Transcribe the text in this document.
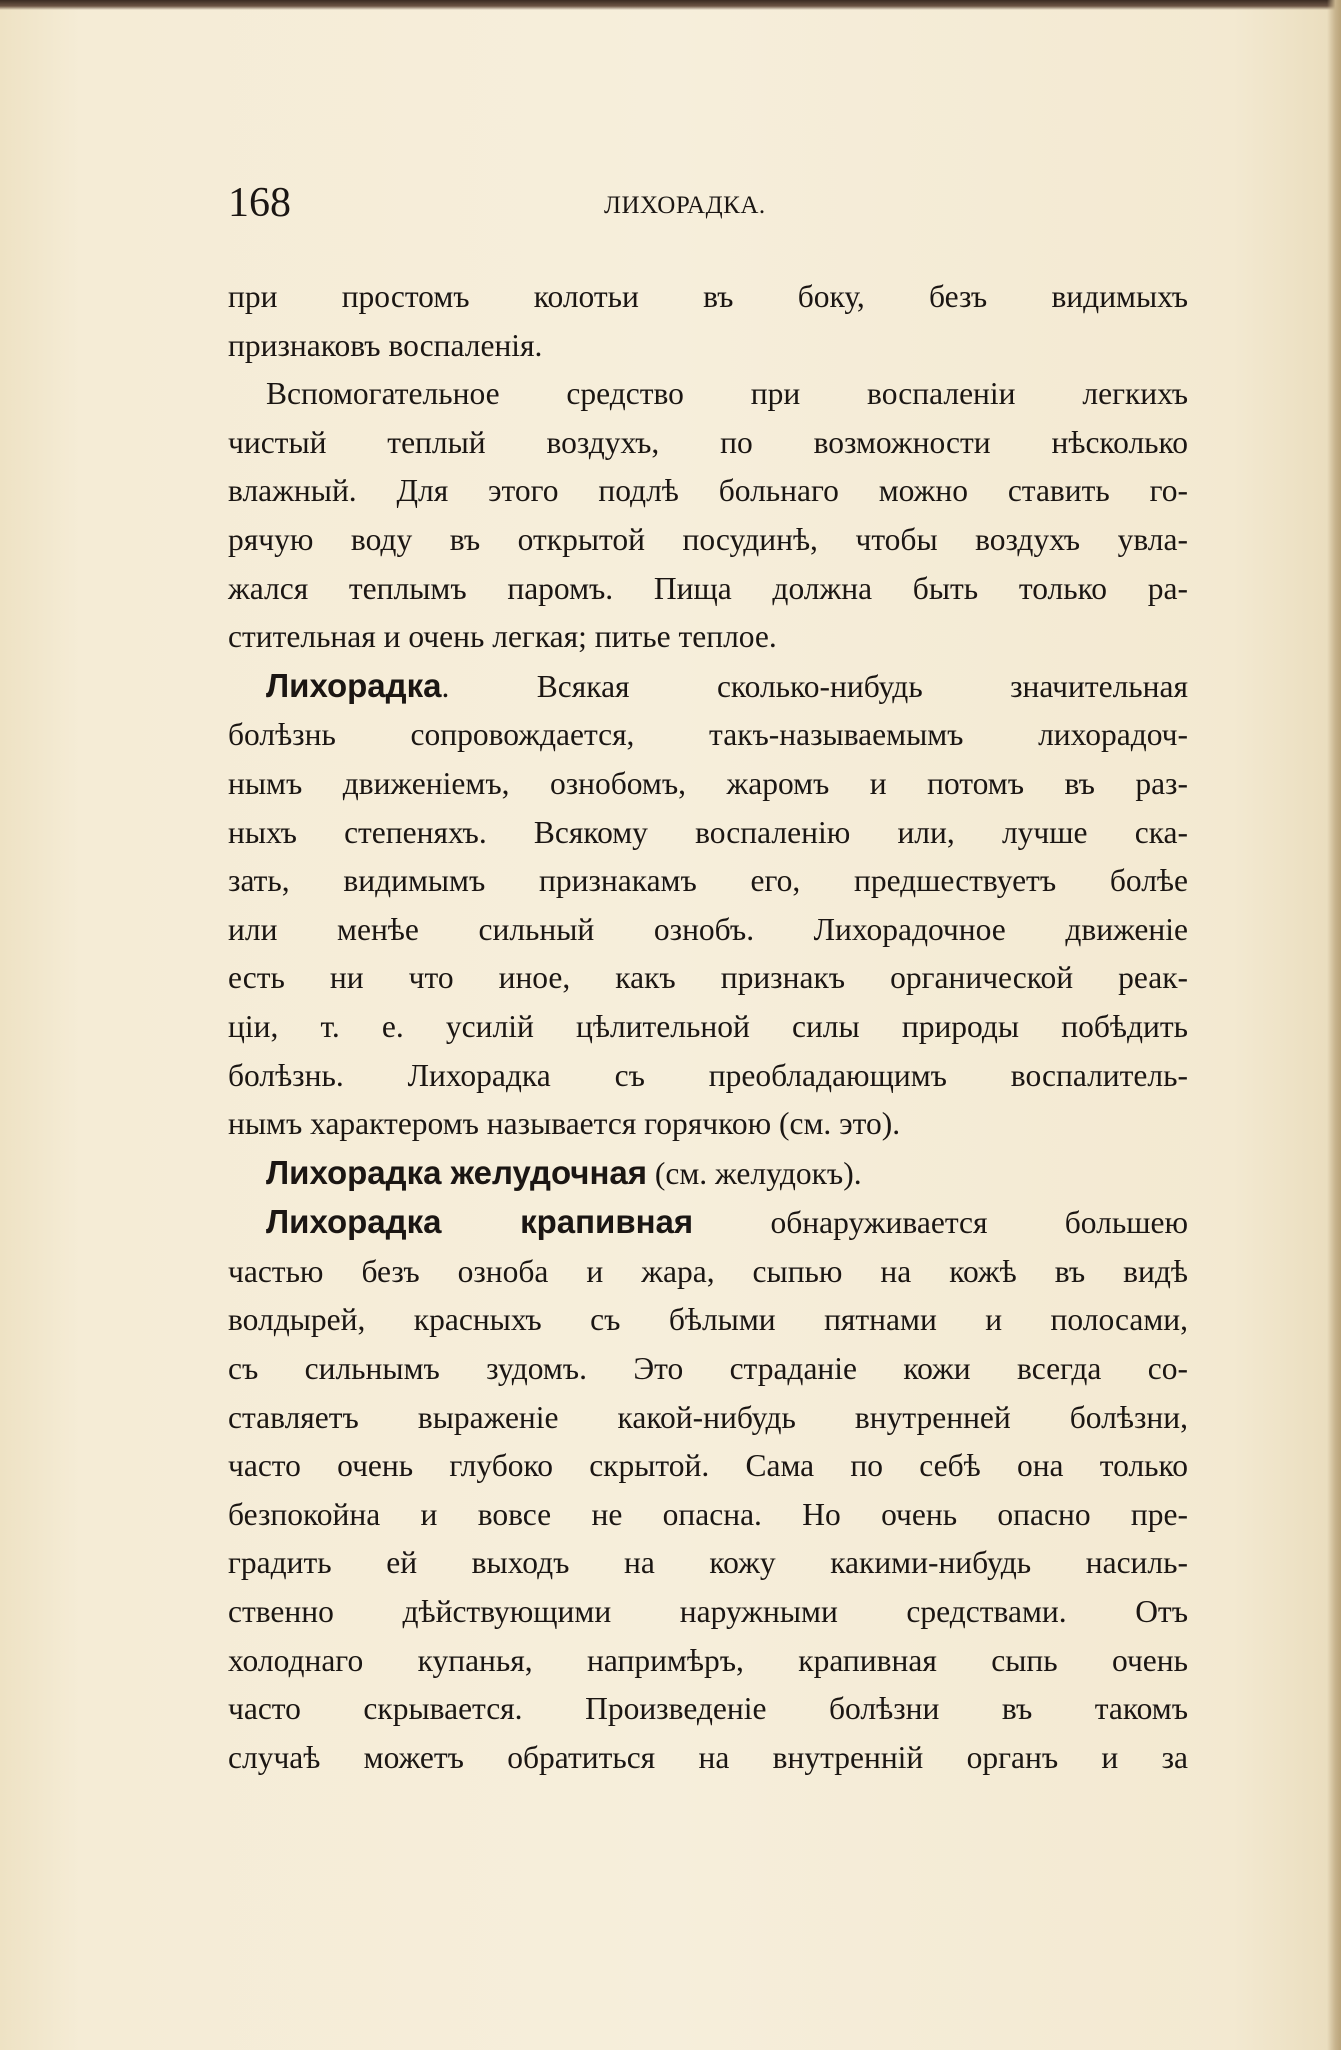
168	ЛИХОРАДКА.

при простомъ колотьи въ боку, безъ видимыхъ
признаковъ воспаленія.

Вспомогательное средство при воспаленіи легкихъ
чистый теплый воздухъ, по возможности нѣсколько
влажный. Для этого подлѣ больнаго можно ставить го-
рячую воду въ открытой посудинѣ, чтобы воздухъ увла-
жался теплымъ паромъ. Пища должна быть только ра-
стительная и очень легкая; питье теплое.

Лихорадка. Всякая сколько-нибудь значительная
болѣзнь сопровождается, такъ-называемымъ лихорадоч-
нымъ движеніемъ, ознобомъ, жаромъ и потомъ въ раз-
ныхъ степеняхъ. Всякому воспаленію или, лучше ска-
зать, видимымъ признакамъ его, предшествуетъ болѣе
или менѣе сильный ознобъ. Лихорадочное движеніе
есть ни что иное, какъ признакъ органической реак-
ціи, т. е. усилій цѣлительной силы природы побѣдить
болѣзнь. Лихорадка съ преобладающимъ воспалитель-
нымъ характеромъ называется горячкою (см. это).

Лихорадка желудочная (см. желудокъ).

Лихорадка крапивная обнаруживается большею
частью безъ озноба и жара, сыпью на кожѣ въ видѣ
волдырей, красныхъ съ бѣлыми пятнами и полосами,
съ сильнымъ зудомъ. Это страданіе кожи всегда со-
ставляетъ выраженіе какой-нибудь внутренней болѣзни,
часто очень глубоко скрытой. Сама по себѣ она только
безпокойна и вовсе не опасна. Но очень опасно пре-
градить ей выходъ на кожу какими-нибудь насиль-
ственно дѣйствующими наружными средствами. Отъ
холоднаго купанья, напримѣръ, крапивная сыпь очень
часто скрывается. Произведеніе болѣзни въ такомъ
случаѣ можетъ обратиться на внутренній органъ и за
